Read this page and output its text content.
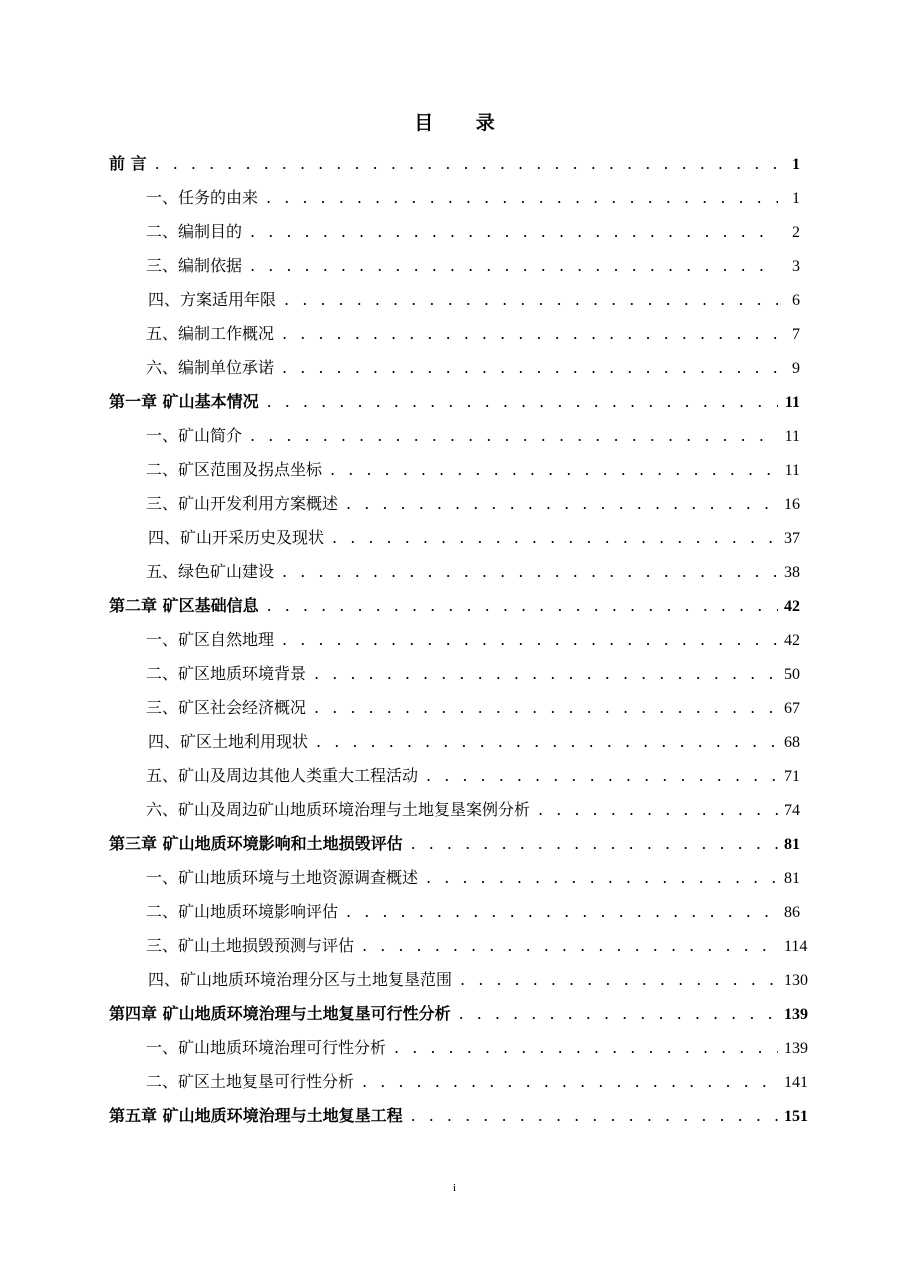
目 录
前 言 . . .	1
一、任务的由来 . . .	1
二、编制目的 . . .	2
三、编制依据 . . .	3
四、方案适用年限 . . .	6
五、编制工作概况 . . .	7
六、编制单位承诺 . . .	9
第一章 矿山基本情况 . . .	11
一、矿山简介 . . .	11
二、矿区范围及拐点坐标 . . .	11
三、矿山开发利用方案概述 . . .	16
四、矿山开采历史及现状 . . .	37
五、绿色矿山建设 . . .	38
第二章 矿区基础信息 . . .	42
一、矿区自然地理 . . .	42
二、矿区地质环境背景 . . .	50
三、矿区社会经济概况 . . .	67
四、矿区土地利用现状 . . .	68
五、矿山及周边其他人类重大工程活动 . . .	71
六、矿山及周边矿山地质环境治理与土地复垦案例分析 . . .	74
第三章 矿山地质环境影响和土地损毁评估 . . .	81
一、矿山地质环境与土地资源调查概述 . . .	81
二、矿山地质环境影响评估 . . .	86
三、矿山土地损毁预测与评估 . . .	114
四、矿山地质环境治理分区与土地复垦范围 . . .	130
第四章 矿山地质环境治理与土地复垦可行性分析 . . .	139
一、矿山地质环境治理可行性分析 . . .	139
二、矿区土地复垦可行性分析 . . .	141
第五章 矿山地质环境治理与土地复垦工程 . . .	151
i
